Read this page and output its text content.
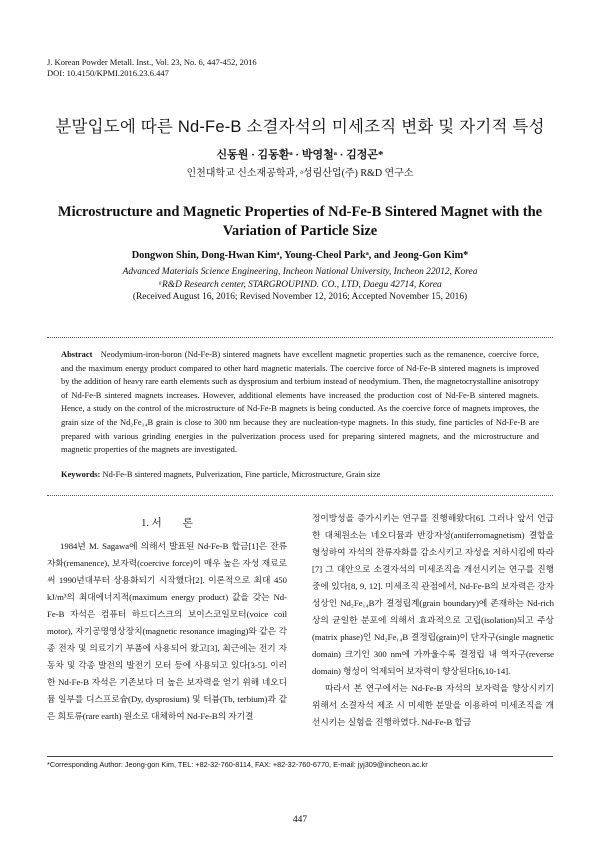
J. Korean Powder Metall. Inst., Vol. 23, No. 6, 447-452, 2016
DOI: 10.4150/KPMI.2016.23.6.447
분말입도에 따른 Nd-Fe-B 소결자석의 미세조직 변화 및 자기적 특성
신동원 · 김동환ᵃ · 박영철ᵃ · 김정곤*
인천대학교 신소재공학과, ᵃ성림산업(주) R&D 연구소
Microstructure and Magnetic Properties of Nd-Fe-B Sintered Magnet with the Variation of Particle Size
Dongwon Shin, Dong-Hwan Kimᵃ, Young-Cheol Parkᵃ, and Jeong-Gon Kim*
Advanced Materials Science Engineering, Incheon National University, Incheon 22012, Korea
ᵃR&D Research center, STARGROUPIND. CO., LTD, Daegu 42714, Korea
(Received August 16, 2016; Revised November 12, 2016; Accepted November 15, 2016)
Abstract Neodymium-iron-boron (Nd-Fe-B) sintered magnets have excellent magnetic properties such as the remanence, coercive force, and the maximum energy product compared to other hard magnetic materials. The coercive force of Nd-Fe-B sintered magnets is improved by the addition of heavy rare earth elements such as dysprosium and terbium instead of neodymium. Then, the magnetocrystalline anisotropy of Nd-Fe-B sintered magnets increases. However, additional elements have increased the production cost of Nd-Fe-B sintered magnets. Hence, a study on the control of the microstructure of Nd-Fe-B magnets is being conducted. As the coercive force of magnets improves, the grain size of the Nd₂Fe₁₄B grain is close to 300 nm because they are nucleation-type magnets. In this study, fine particles of Nd-Fe-B are prepared with various grinding energies in the pulverization process used for preparing sintered magnets, and the microstructure and magnetic properties of the magnets are investigated.
Keywords: Nd-Fe-B sintered magnets, Pulverization, Fine particle, Microstructure, Grain size
1. 서　　론

1984년 M. Sagawa에 의해서 발표된 Nd-Fe-B 합금[1]은 잔류자화(remanence), 보자력(coercive force)이 매우 높은 자성 재료로써 1990년대부터 상용화되기 시작했다[2]. 이론적으로 최대 450 kJ/m³의 최대에너지적(maximum energy product) 값을 갖는 Nd-Fe-B 자석은 컴퓨터 하드디스크의 보이스코일모터(voice coil motor), 자기공명영상장치(magnetic resonance imaging)와 같은 각종 전자 및 의료기기 부품에 사용되어 왔고[3], 최근에는 전기 자동차 및 각종 발전의 발전기 모터 등에 사용되고 있다[3-5]. 이러한 Nd-Fe-B 자석은 기존보다 더 높은 보자력을 얻기 위해 네오디뮴 일부를 디스프로슘(Dy, dysprosium) 및 터븀(Tb, terbium)과 같은 희토류(rare earth) 원소로 대체하여 Nd-Fe-B의 자기결

정이방성을 증가시키는 연구를 진행해왔다[6]. 그러나 앞서 언급한 대체원소는 네오디뮴과 반강자성(antiferromagnetism) 결합을 형성하여 자석의 잔류자화를 감소시키고 자성을 저하시킴에 따라[7] 그 대안으로 소결자석의 미세조직을 개선시키는 연구를 진행 중에 있다[8, 9, 12]. 미세조직 관점에서, Nd-Fe-B의 보자력은 강자성상인 Nd₂Fe₁₄B가 결정립계(grain boundary)에 존재하는 Nd-rich상의 균일한 분포에 의해서 효과적으로 고립(isolation)되고 주상(matrix phase)인 Nd₂Fe₁₄B 결정립(grain)이 단자구(single magnetic domain) 크기인 300 nm에 가까울수록 결정립 내 역자구(reverse domain) 형성이 억제되어 보자력이 향상된다[6,10-14].

따라서 본 연구에서는 Nd-Fe-B 자석의 보자력을 향상시키기 위해서 소결자석 제조 시 미세한 분말을 이용하여 미세조직을 개선시키는 실험을 진행하였다. Nd-Fe-B 합금

*Corresponding Author: Jeong-gon Kim, TEL: +82-32-760-8114, FAX: +82-32-760-6770, E-mail: jyj309@incheon.ac.kr
447
